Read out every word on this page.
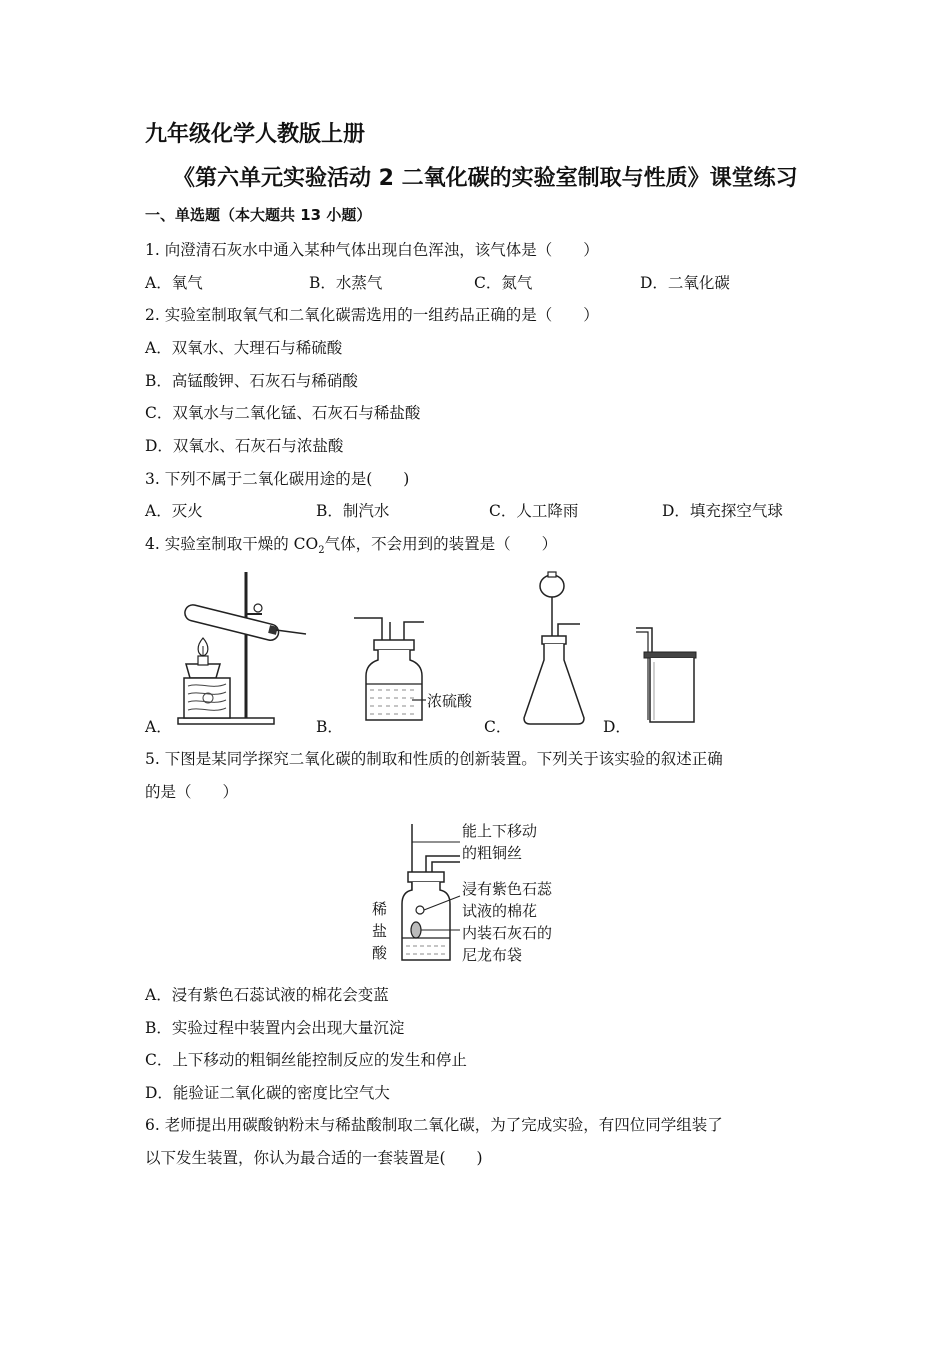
九年级化学人教版上册
《第六单元实验活动 2 二氧化碳的实验室制取与性质》课堂练习
一、单选题（本大题共 13 小题）
1. 向澄清石灰水中通入某种气体出现白色浑浊，该气体是（　　）
A．氧气	B．水蒸气	C．氮气	D．二氧化碳
2. 实验室制取氧气和二氧化碳需选用的一组药品正确的是（　　）
A．双氧水、大理石与稀硫酸
B．高锰酸钾、石灰石与稀硝酸
C．双氧水与二氧化锰、石灰石与稀盐酸
D．双氧水、石灰石与浓盐酸
3. 下列不属于二氧化碳用途的是(　　)
A．灭火	B．制汽水	C．人工降雨	D．填充探空气球
4. 实验室制取干燥的 $CO_2$气体，不会用到的装置是（　　）
A．
浓硫酸
B．	C．	D．
5. 下图是某同学探究二氧化碳的制取和性质的创新装置。下列关于该实验的叙述正确
的是（　　）
能上下移动
的粗铜丝
浸有紫色石蕊
试液的棉花
内装石灰石的
尼龙布袋
稀
盐
酸
A．浸有紫色石蕊试液的棉花会变蓝
B．实验过程中装置内会出现大量沉淀
C．上下移动的粗铜丝能控制反应的发生和停止
D．能验证二氧化碳的密度比空气大
6. 老师提出用碳酸钠粉末与稀盐酸制取二氧化碳，为了完成实验，有四位同学组装了
以下发生装置，你认为最合适的一套装置是(　　)
